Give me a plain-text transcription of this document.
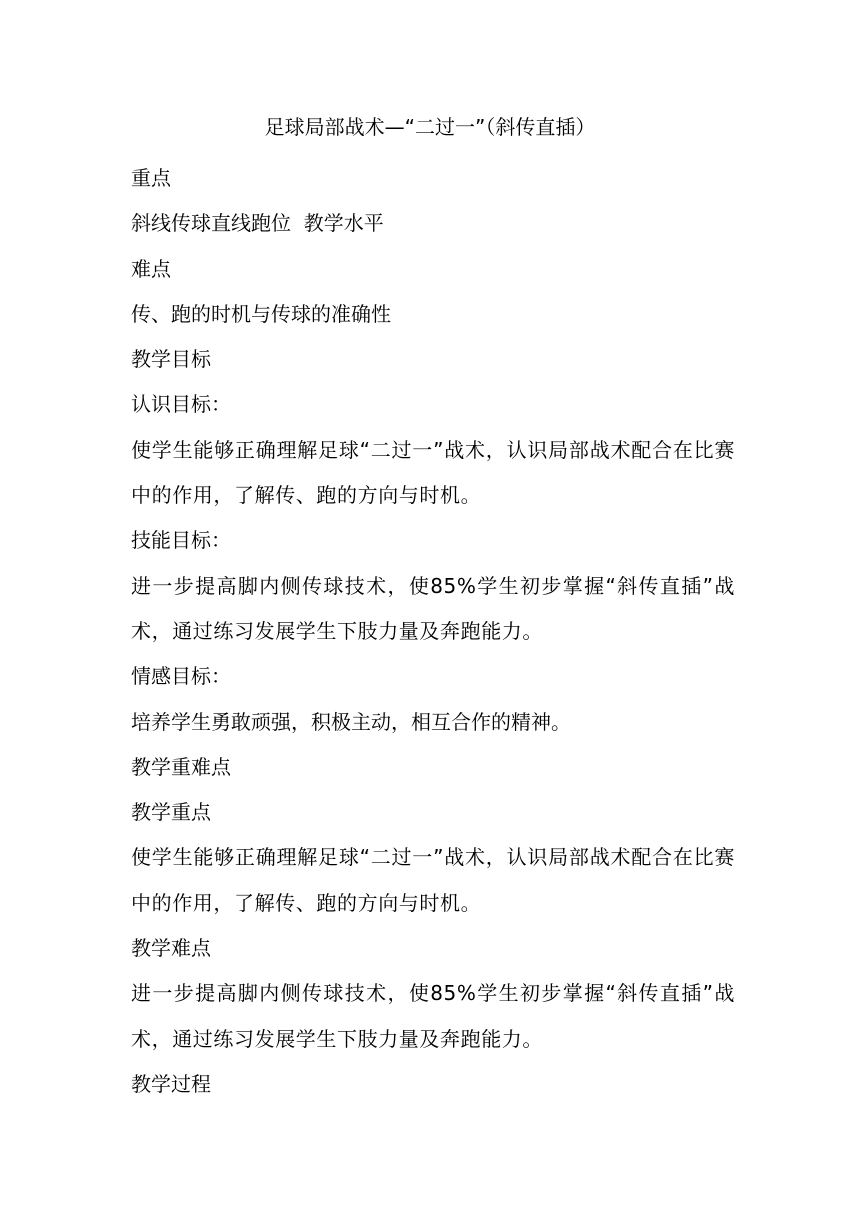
足球局部战术—“二过一”（斜传直插）

重点

斜线传球直线跑位  教学水平

难点

传、跑的时机与传球的准确性

教学目标

认识目标：

使学生能够正确理解足球“二过一”战术，认识局部战术配合在比赛中的作用，了解传、跑的方向与时机。

技能目标：

进一步提高脚内侧传球技术，使85%学生初步掌握“斜传直插”战术，通过练习发展学生下肢力量及奔跑能力。

情感目标：

培养学生勇敢顽强，积极主动，相互合作的精神。

教学重难点

教学重点

使学生能够正确理解足球“二过一”战术，认识局部战术配合在比赛中的作用，了解传、跑的方向与时机。

教学难点

进一步提高脚内侧传球技术，使85%学生初步掌握“斜传直插”战术，通过练习发展学生下肢力量及奔跑能力。

教学过程
